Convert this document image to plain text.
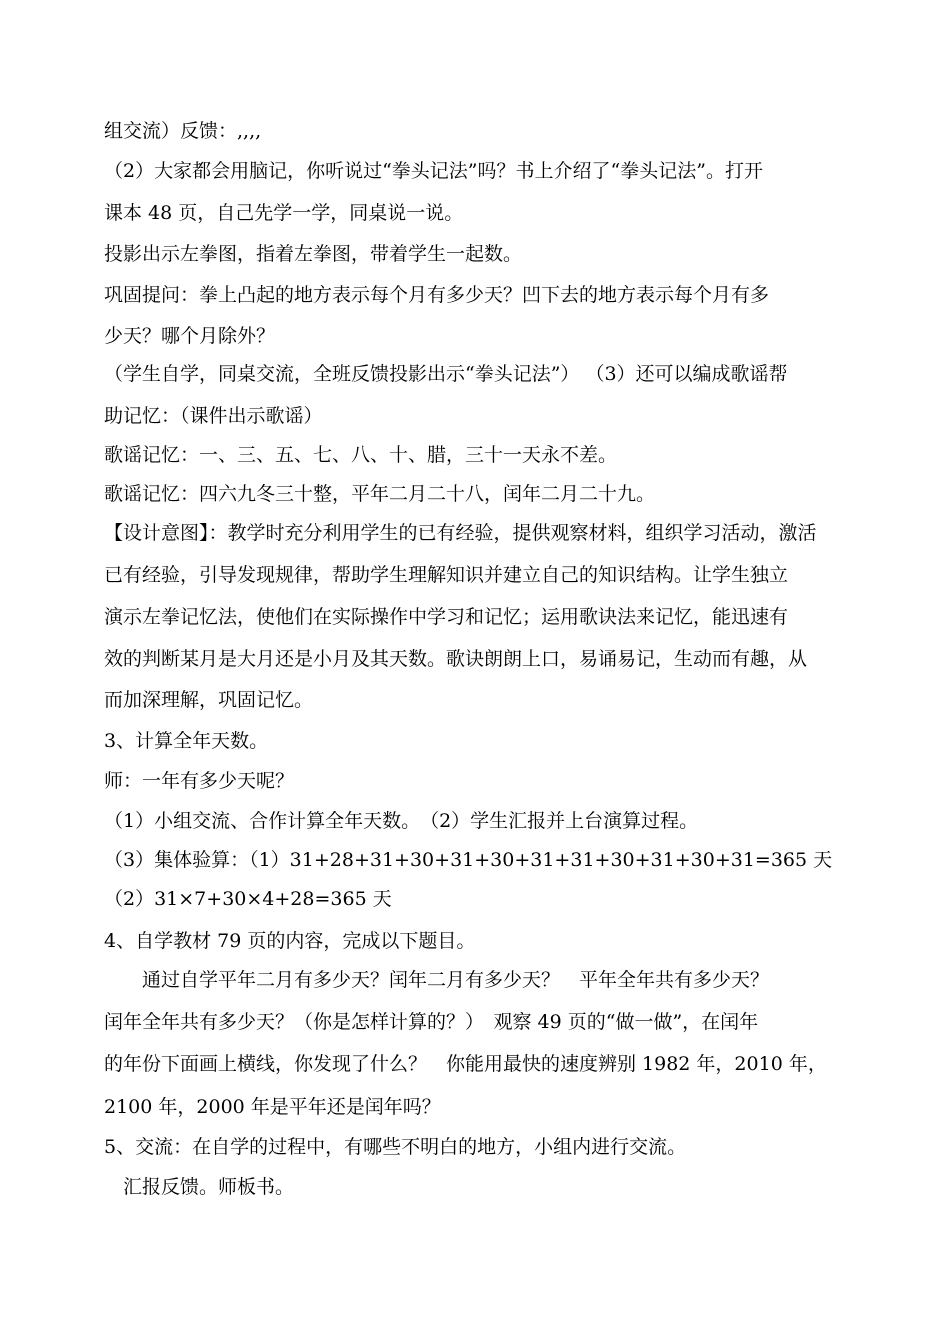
组交流）反馈：,,,,
（2）大家都会用脑记，你听说过“拳头记法”吗？书上介绍了“拳头记法”。打开
课本 48 页，自己先学一学，同桌说一说。
投影出示左拳图，指着左拳图，带着学生一起数。
巩固提问：拳上凸起的地方表示每个月有多少天？凹下去的地方表示每个月有多
少天？哪个月除外？
（学生自学，同桌交流，全班反馈投影出示“拳头记法”） （3）还可以编成歌谣帮
助记忆：（课件出示歌谣）
歌谣记忆：一、三、五、七、八、十、腊，三十一天永不差。
歌谣记忆：四六九冬三十整，平年二月二十八，闰年二月二十九。
【设计意图】：教学时充分利用学生的已有经验，提供观察材料，组织学习活动，激活
已有经验，引导发现规律，帮助学生理解知识并建立自己的知识结构。让学生独立
演示左拳记忆法，使他们在实际操作中学习和记忆；运用歌诀法来记忆，能迅速有
效的判断某月是大月还是小月及其天数。歌诀朗朗上口，易诵易记，生动而有趣，从
而加深理解，巩固记忆。
3、计算全年天数。
师：一年有多少天呢？
（1）小组交流、合作计算全年天数。　（2）学生汇报并上台演算过程。
（3）集体验算：（1）31+28+31+30+31+30+31+31+30+31+30+31=365 天
（2）31×7+30×4+28=365 天
4、自学教材 79 页的内容，完成以下题目。
　　通过自学平年二月有多少天？闰年二月有多少天？　平年全年共有多少天？
闰年全年共有多少天？（你是怎样计算的？）　观察 49 页的“做一做”，在闰年
的年份下面画上横线，你发现了什么？　你能用最快的速度辨别 1982 年，2010 年，
2100 年，2000 年是平年还是闰年吗？
5、交流：在自学的过程中，有哪些不明白的地方，小组内进行交流。
　汇报反馈。师板书。
